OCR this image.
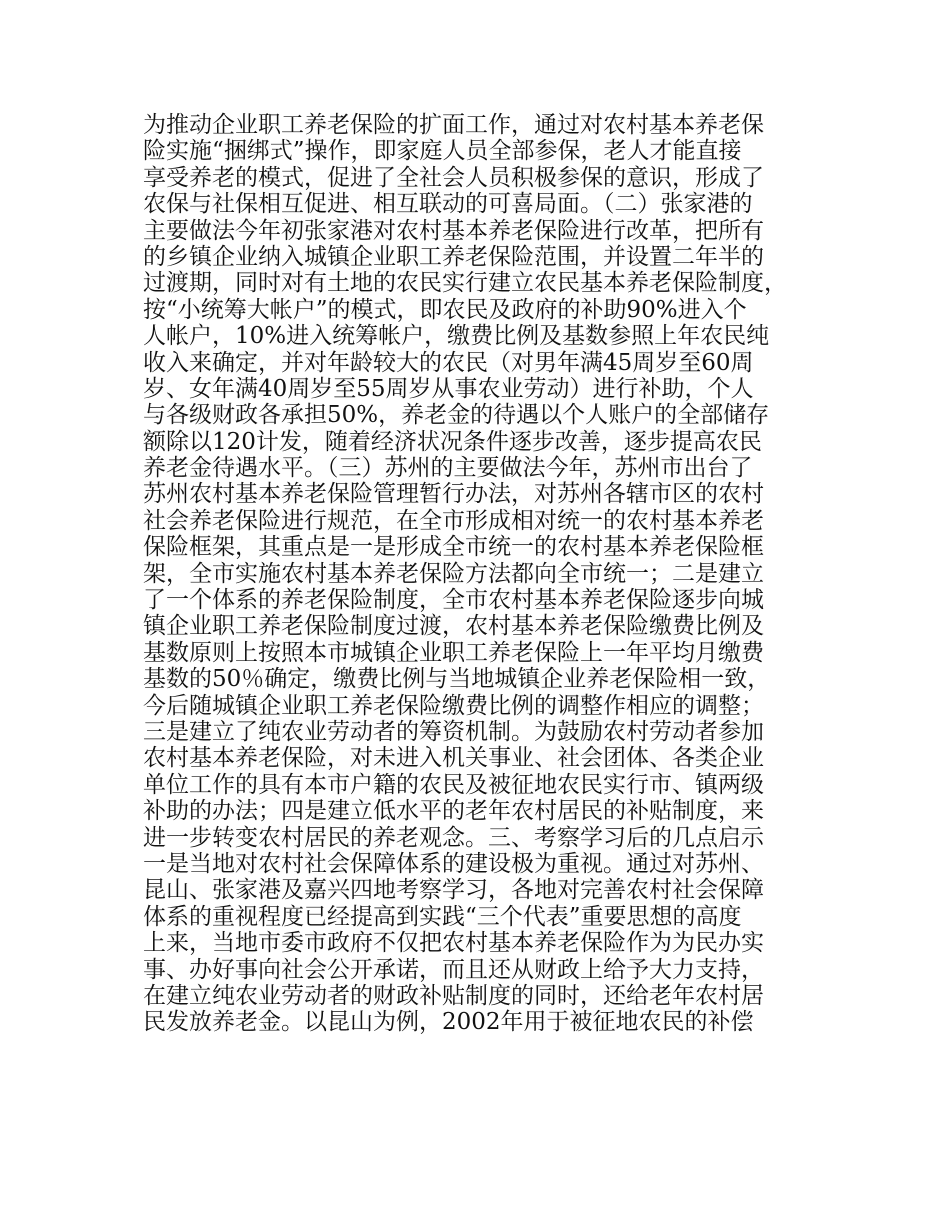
为推动企业职工养老保险的扩面工作，通过对农村基本养老保
险实施“捆绑式”操作，即家庭人员全部参保，老人才能直接
享受养老的模式，促进了全社会人员积极参保的意识，形成了
农保与社保相互促进、相互联动的可喜局面。（二）张家港的
主要做法今年初张家港对农村基本养老保险进行改革，把所有
的乡镇企业纳入城镇企业职工养老保险范围，并设置二年半的
过渡期，同时对有土地的农民实行建立农民基本养老保险制度，
按“小统筹大帐户”的模式，即农民及政府的补助90%进入个
人帐户，10%进入统筹帐户，缴费比例及基数参照上年农民纯
收入来确定，并对年龄较大的农民（对男年满45周岁至60周
岁、女年满40周岁至55周岁从事农业劳动）进行补助，个人
与各级财政各承担50%，养老金的待遇以个人账户的全部储存
额除以120计发，随着经济状况条件逐步改善，逐步提高农民
养老金待遇水平。（三）苏州的主要做法今年，苏州市出台了
苏州农村基本养老保险管理暂行办法，对苏州各辖市区的农村
社会养老保险进行规范，在全市形成相对统一的农村基本养老
保险框架，其重点是一是形成全市统一的农村基本养老保险框
架，全市实施农村基本养老保险方法都向全市统一；二是建立
了一个体系的养老保险制度，全市农村基本养老保险逐步向城
镇企业职工养老保险制度过渡，农村基本养老保险缴费比例及
基数原则上按照本市城镇企业职工养老保险上一年平均月缴费
基数的50％确定，缴费比例与当地城镇企业养老保险相一致，
今后随城镇企业职工养老保险缴费比例的调整作相应的调整；
三是建立了纯农业劳动者的筹资机制。为鼓励农村劳动者参加
农村基本养老保险，对未进入机关事业、社会团体、各类企业
单位工作的具有本市户籍的农民及被征地农民实行市、镇两级
补助的办法；四是建立低水平的老年农村居民的补贴制度，来
进一步转变农村居民的养老观念。三、考察学习后的几点启示
一是当地对农村社会保障体系的建设极为重视。通过对苏州、
昆山、张家港及嘉兴四地考察学习，各地对完善农村社会保障
体系的重视程度已经提高到实践“三个代表”重要思想的高度
上来，当地市委市政府不仅把农村基本养老保险作为为民办实
事、办好事向社会公开承诺，而且还从财政上给予大力支持，
在建立纯农业劳动者的财政补贴制度的同时，还给老年农村居
民发放养老金。以昆山为例，2002年用于被征地农民的补偿
